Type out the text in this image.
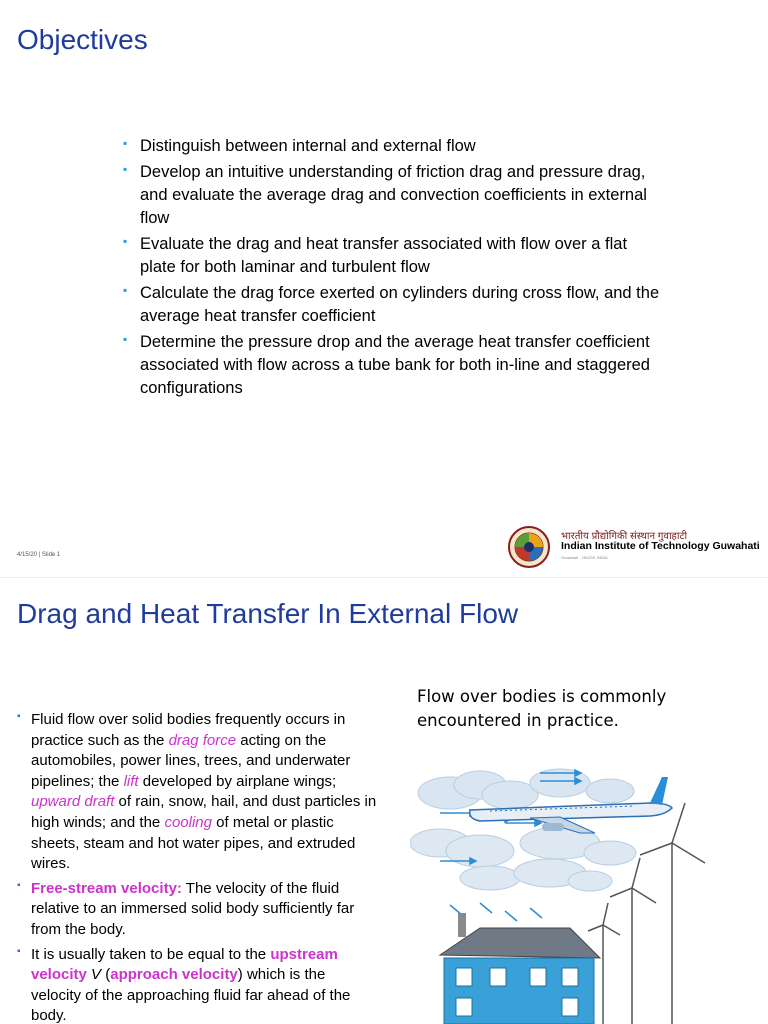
Objectives
▪ Distinguish between internal and external flow
▪ Develop an intuitive understanding of friction drag and pressure drag, and evaluate the average drag and convection coefficients in external flow
▪ Evaluate the drag and heat transfer associated with flow over a flat plate for both laminar and turbulent flow
▪ Calculate the drag force exerted on cylinders during cross flow, and the average heat transfer coefficient
▪ Determine the pressure drop and the average heat transfer coefficient associated with flow across a tube bank for both in-line and staggered configurations
4/15/20 | Slide 1
भारतीय प्रौद्योगिकी संस्थान गुवाहाटी
Indian Institute of Technology Guwahati
Guwahati - 781039, INDIA
Drag and Heat Transfer In External Flow
▪ Fluid flow over solid bodies frequently occurs in practice such as the drag force acting on the automobiles, power lines, trees, and underwater pipelines; the lift developed by airplane wings; upward draft of rain, snow, hail, and dust particles in high winds; and the cooling of metal or plastic sheets, steam and hot water pipes, and extruded wires.
▪ Free-stream velocity: The velocity of the fluid relative to an immersed solid body sufficiently far from the body.
▪ It is usually taken to be equal to the upstream velocity V (approach velocity) which is the velocity of the approaching fluid far ahead of the body.
Flow over bodies is commonly encountered in practice.
